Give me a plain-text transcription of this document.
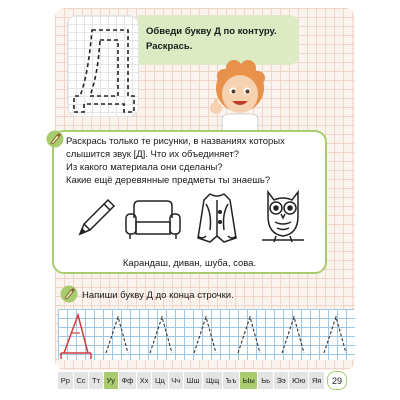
Обведи букву Д по контуру.

Раскрась.

Раскрась только те рисунки, в названиях которых
слышится звук [Д]. Что их объединяет?
Из какого материала они сделаны?
Какие ещё деревянные предметы ты знаешь?
Карандаш, диван, шуба, сова.
Напиши букву Д до конца строчки.
Рр Сс Тт Уу Фф Хх Цц Чч Шш Щщ Ъъ Ыы Ьь Ээ Юю Яя	29
